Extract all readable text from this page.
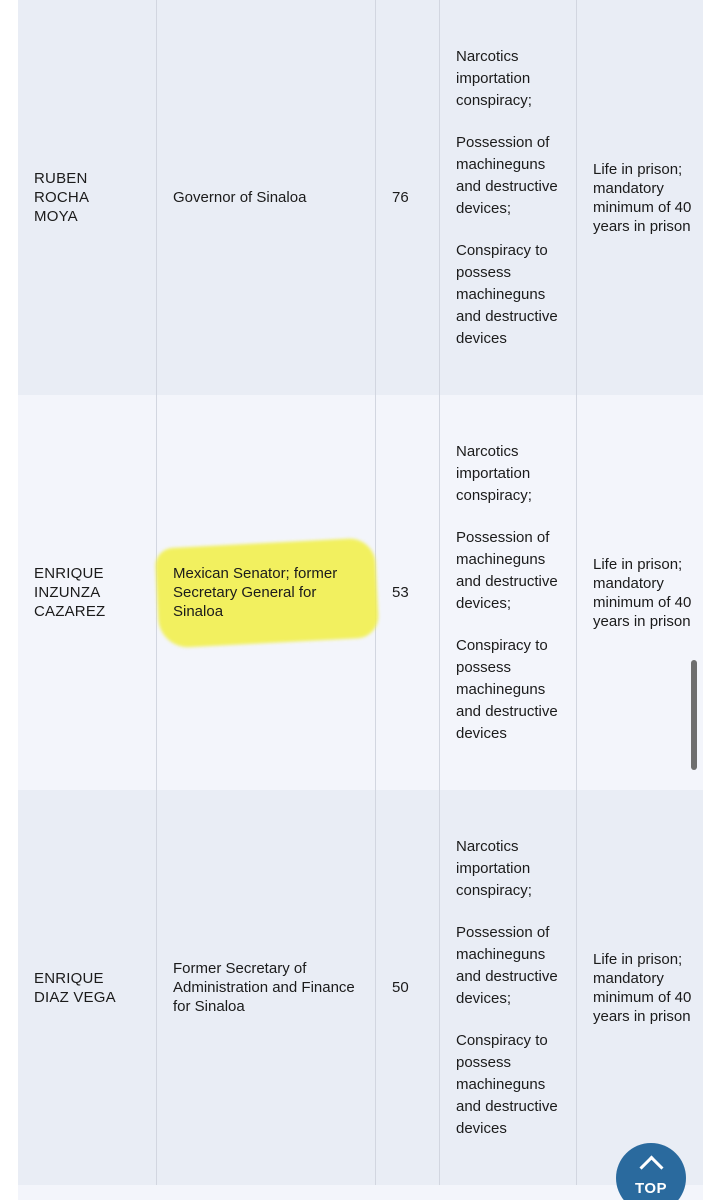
RUBEN ROCHA MOYA
Governor of Sinaloa	76
Narcotics importation conspiracy;
Possession of machineguns and destructive devices;
Conspiracy to possess machineguns and destructive devices
Life in prison; mandatory minimum of 40 years in prison
ENRIQUE INZUNZA CAZAREZ
Mexican Senator; former Secretary General for Sinaloa
53
Narcotics importation conspiracy;
Possession of machineguns and destructive devices;
Conspiracy to possess machineguns and destructive devices
Life in prison; mandatory minimum of 40 years in prison
ENRIQUE DIAZ VEGA
Former Secretary of Administration and Finance for Sinaloa
50
Narcotics importation conspiracy;
Possession of machineguns and destructive devices;
Conspiracy to possess machineguns and destructive devices
Life in prison; mandatory minimum of 40 years in prison
TOP
